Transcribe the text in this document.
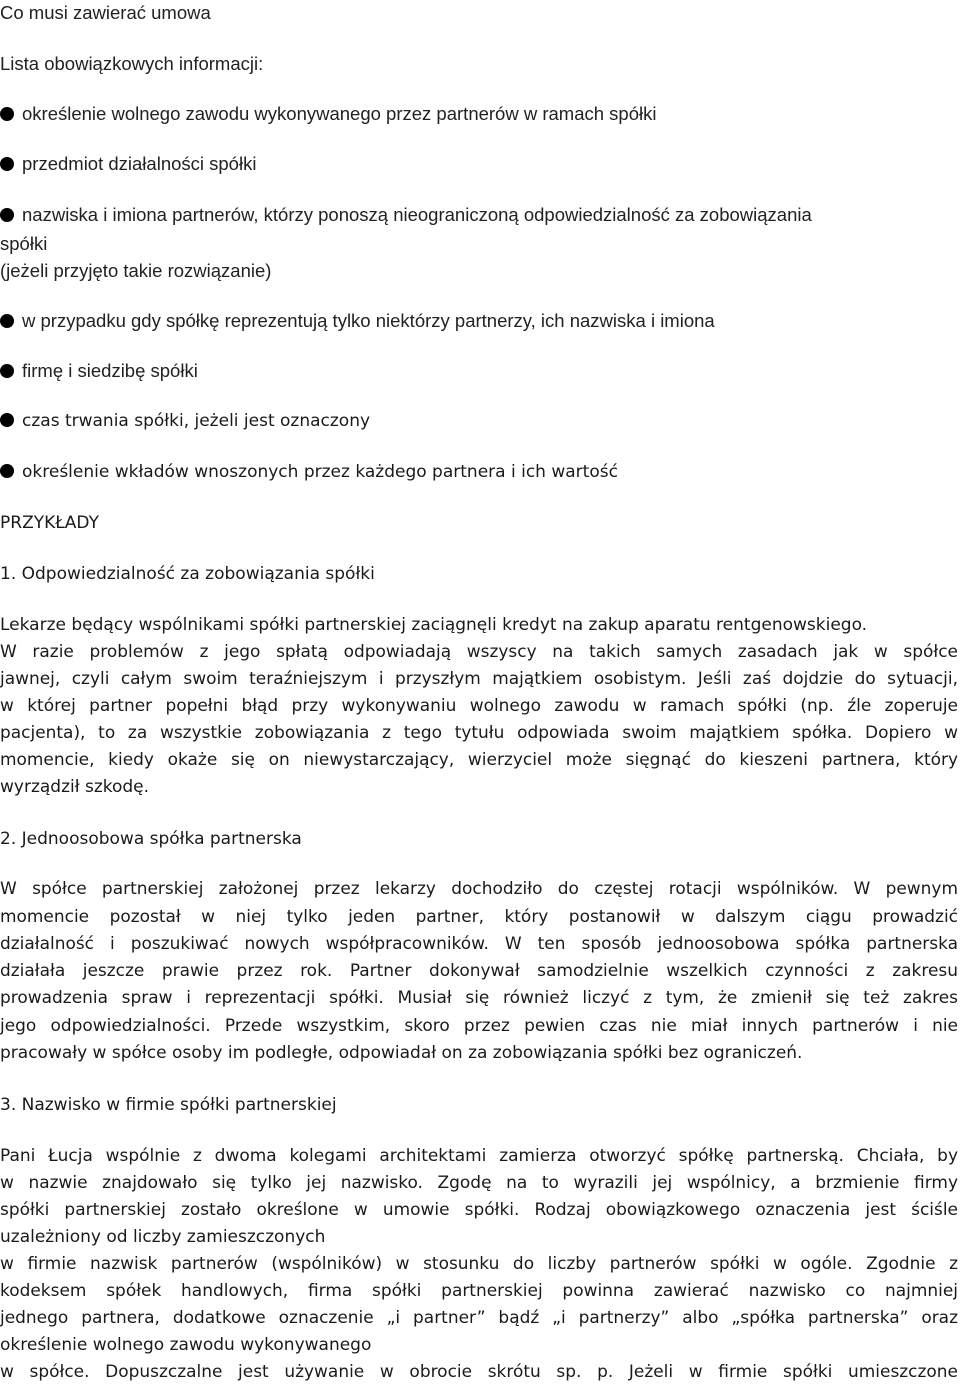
Co musi zawierać umowa

Lista obowiązkowych informacji:

określenie wolnego zawodu wykonywanego przez partnerów w ramach spółki

przedmiot działalności spółki

nazwiska i imiona partnerów, którzy ponoszą nieograniczoną odpowiedzialność za zobowiązania

spółki

(jeżeli przyjęto takie rozwiązanie)

w przypadku gdy spółkę reprezentują tylko niektórzy partnerzy, ich nazwiska i imiona

firmę i siedzibę spółki

czas trwania spółki, jeżeli jest oznaczony

określenie wkładów wnoszonych przez każdego partnera i ich wartość

PRZYKŁADY

1. Odpowiedzialność za zobowiązania spółki

Lekarze będący wspólnikami spółki partnerskiej zaciągnęli kredyt na zakup aparatu rentgenowskiego.

W razie problemów z jego spłatą odpowiadają wszyscy na takich samych zasadach jak w spółce

jawnej, czyli całym swoim teraźniejszym i przyszłym majątkiem osobistym. Jeśli zaś dojdzie do sytuacji,

w której partner popełni błąd przy wykonywaniu wolnego zawodu w ramach spółki (np. źle zoperuje

pacjenta), to za wszystkie zobowiązania z tego tytułu odpowiada swoim majątkiem spółka. Dopiero w

momencie, kiedy okaże się on niewystarczający, wierzyciel może sięgnąć do kieszeni partnera, który

wyrządził szkodę.

2. Jednoosobowa spółka partnerska

W spółce partnerskiej założonej przez lekarzy dochodziło do częstej rotacji wspólników. W pewnym

momencie pozostał w niej tylko jeden partner, który postanowił w dalszym ciągu prowadzić

działalność i poszukiwać nowych współpracowników. W ten sposób jednoosobowa spółka partnerska

działała jeszcze prawie przez rok. Partner dokonywał samodzielnie wszelkich czynności z zakresu

prowadzenia spraw i reprezentacji spółki. Musiał się również liczyć z tym, że zmienił się też zakres

jego odpowiedzialności. Przede wszystkim, skoro przez pewien czas nie miał innych partnerów i nie

pracowały w spółce osoby im podległe, odpowiadał on za zobowiązania spółki bez ograniczeń.

3. Nazwisko w firmie spółki partnerskiej

Pani Łucja wspólnie z dwoma kolegami architektami zamierza otworzyć spółkę partnerską. Chciała, by

w nazwie znajdowało się tylko jej nazwisko. Zgodę na to wyrazili jej wspólnicy, a brzmienie firmy

spółki partnerskiej zostało określone w umowie spółki. Rodzaj obowiązkowego oznaczenia jest ściśle

uzależniony od liczby zamieszczonych

w firmie nazwisk partnerów (wspólników) w stosunku do liczby partnerów spółki w ogóle. Zgodnie z

kodeksem spółek handlowych, firma spółki partnerskiej powinna zawierać nazwisko co najmniej

jednego partnera, dodatkowe oznaczenie „i partner” bądź „i partnerzy” albo „spółka partnerska” oraz

określenie wolnego zawodu wykonywanego

w spółce. Dopuszczalne jest używanie w obrocie skrótu sp. p. Jeżeli w firmie spółki umieszczone
